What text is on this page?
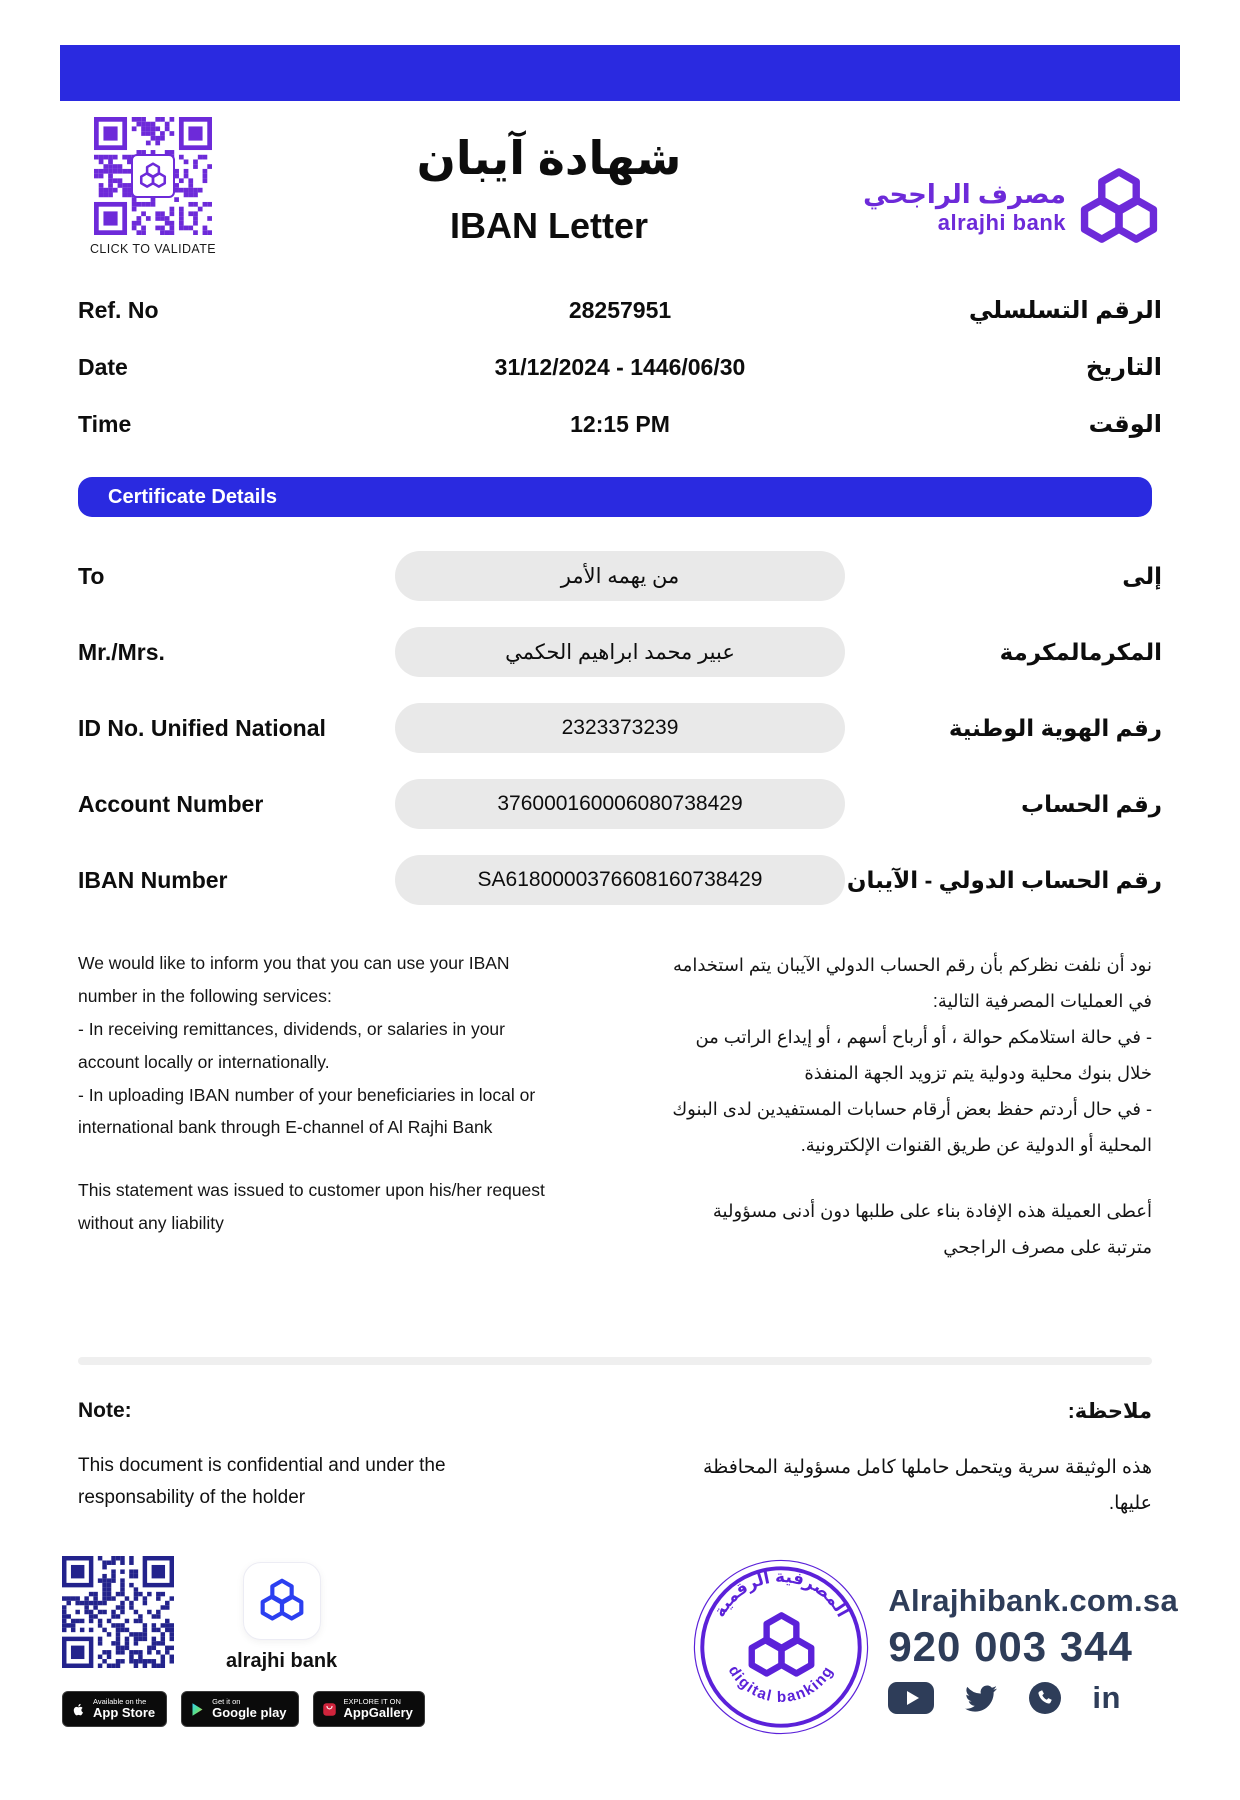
CLICK TO VALIDATE
شهادة آيبان
IBAN Letter
مصرف الراجحي
alrajhi bank
Ref. No	28257951	الرقم التسلسلي
Date	31/12/2024 - 1446/06/30	التاريخ
Time	12:15 PM	الوقت
Certificate Details
To	من يهمه الأمر	إلى
Mr./Mrs.	عبير محمد ابراهيم الحكمي	المكرمالمكرمة
ID No. Unified National	2323373239	رقم الهوية الوطنية
Account Number	376000160006080738429	رقم الحساب
IBAN Number	SA6180000376608160738429	رقم الحساب الدولي - الآيبان
We would like to inform you that you can use your IBAN number in the following services:
- In receiving remittances, dividends, or salaries in your account locally or internationally.
- In uploading IBAN number of your beneficiaries in local or international bank through E-channel of Al Rajhi Bank
This statement was issued to customer upon his/her request without any liability
نود أن نلفت نظركم بأن رقم الحساب الدولي الآيبان يتم استخدامه في العمليات المصرفية التالية:
- في حالة استلامكم حوالة ، أو أرباح أسهم ، أو إيداع الراتب من خلال بنوك محلية ودولية يتم تزويد الجهة المنفذة
- في حال أردتم حفظ بعض أرقام حسابات المستفيدين لدى البنوك المحلية أو الدولية عن طريق القنوات الإلكترونية.
أعطى العميلة هذه الإفادة بناء على طلبها دون أدنى مسؤولية مترتبة على مصرف الراجحي
Note:	ملاحظة:
This document is confidential and under the responsability of the holder
هذه الوثيقة سرية ويتحمل حاملها كامل مسؤولية المحافظة عليها.
alrajhi bank
Available on the
App Store
Get it on
Google play
EXPLORE IT ON
AppGallery
المصرفية الرقمية
digital banking
Alrajhibank.com.sa
920 003 344
in
